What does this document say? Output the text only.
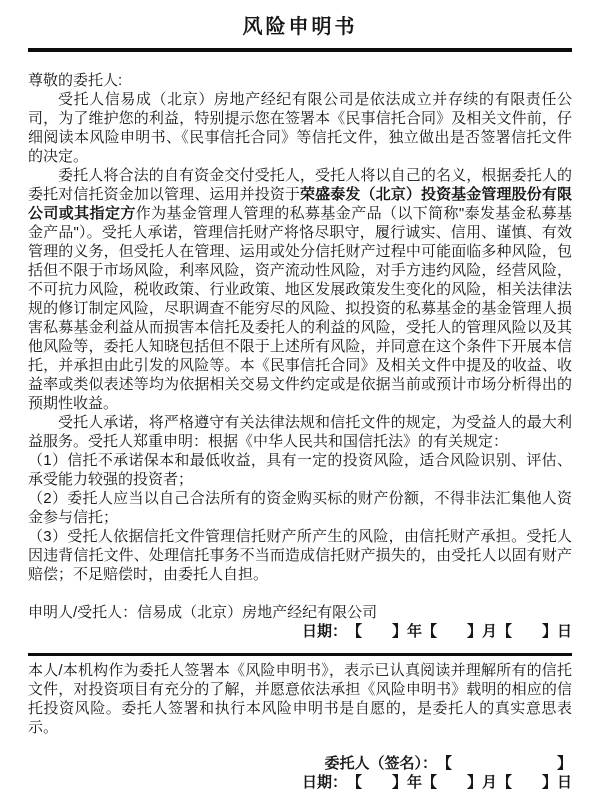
风险申明书

尊敬的委托人:

受托人信易成（北京）房地产经纪有限公司是依法成立并存续的有限责任公司，为了维护您的利益，特别提示您在签署本《民事信托合同》及相关文件前，仔细阅读本风险申明书、《民事信托合同》等信托文件，独立做出是否签署信托文件的决定。

委托人将合法的自有资金交付受托人，受托人将以自己的名义，根据委托人的委托对信托资金加以管理、运用并投资于荣盛泰发（北京）投资基金管理股份有限公司或其指定方作为基金管理人管理的私募基金产品（以下简称"泰发基金私募基金产品"）。受托人承诺，管理信托财产将恪尽职守，履行诚实、信用、谨慎、有效管理的义务，但受托人在管理、运用或处分信托财产过程中可能面临多种风险，包括但不限于市场风险，利率风险，资产流动性风险，对手方违约风险，经营风险，不可抗力风险，税收政策、行业政策、地区发展政策发生变化的风险，相关法律法规的修订制定风险，尽职调查不能穷尽的风险、拟投资的私募基金的基金管理人损害私募基金利益从而损害本信托及委托人的利益的风险，受托人的管理风险以及其他风险等，委托人知晓包括但不限于上述所有风险，并同意在这个条件下开展本信托，并承担由此引发的风险等。本《民事信托合同》及相关文件中提及的收益、收益率或类似表述等均为依据相关交易文件约定或是依据当前或预计市场分析得出的预期性收益。

受托人承诺，将严格遵守有关法律法规和信托文件的规定，为受益人的最大利益服务。受托人郑重申明：根据《中华人民共和国信托法》的有关规定：

（1）信托不承诺保本和最低收益，具有一定的投资风险，适合风险识别、评估、承受能力较强的投资者；

（2）委托人应当以自己合法所有的资金购买标的财产份额，不得非法汇集他人资金参与信托；

（3）受托人依据信托文件管理信托财产所产生的风险，由信托财产承担。受托人因违背信托文件、处理信托事务不当而造成信托财产损失的，由受托人以固有财产赔偿；不足赔偿时，由委托人自担。

申明人/受托人：信易成（北京）房地产经纪有限公司

日期：　【　　】年【　　】月【　　】日

本人/本机构作为委托人签署本《风险申明书》，表示已认真阅读并理解所有的信托文件，对投资项目有充分的了解，并愿意依法承担《风险申明书》载明的相应的信托投资风险。委托人签署和执行本风险申明书是自愿的，是委托人的真实意思表示。

委托人（签名）：　【　　　　　　　】

日期：　【　　】年【　　】月【　　】日
